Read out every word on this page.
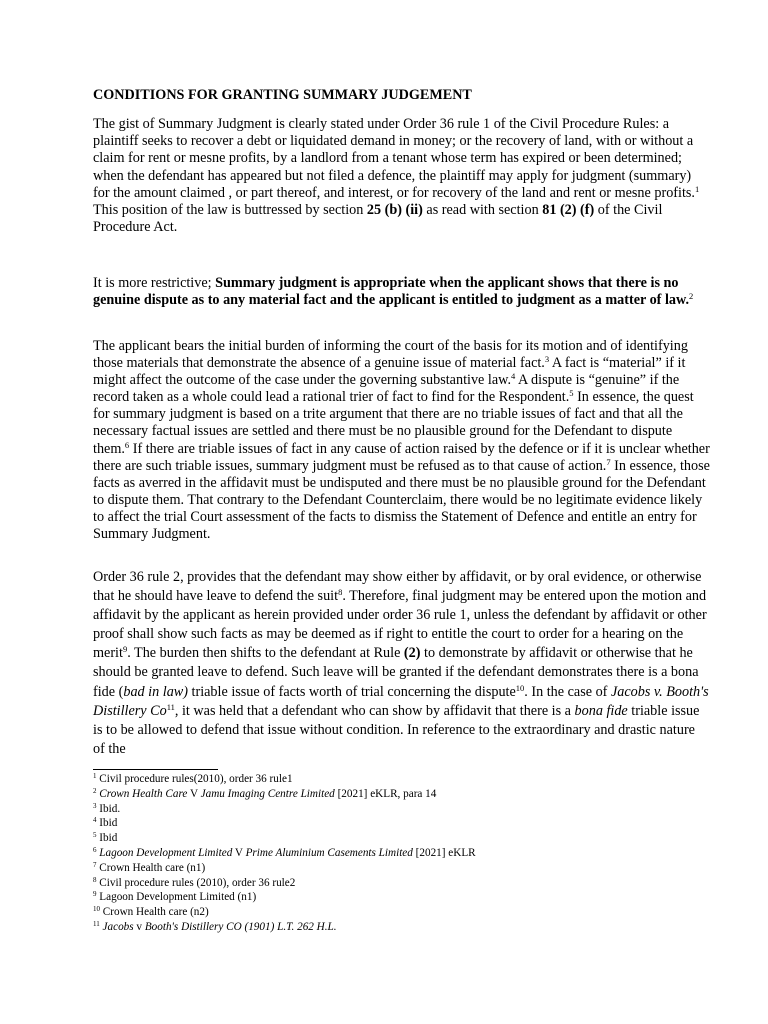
CONDITIONS FOR GRANTING SUMMARY JUDGEMENT

The gist of Summary Judgment is clearly stated under Order 36 rule 1 of the Civil Procedure Rules: a plaintiff seeks to recover a debt or liquidated demand in money; or the recovery of land, with or without a claim for rent or mesne profits, by a landlord from a tenant whose term has expired or been determined; when the defendant has appeared but not filed a defence, the plaintiff may apply for judgment (summary) for the amount claimed , or part thereof, and interest, or for recovery of the land and rent or mesne profits.$^1$ This position of the law is buttressed by section 25 (b) (ii) as read with section 81 (2) (f) of the Civil Procedure Act.

It is more restrictive; Summary judgment is appropriate when the applicant shows that there is no genuine dispute as to any material fact and the applicant is entitled to judgment as a matter of law.$^2$

The applicant bears the initial burden of informing the court of the basis for its motion and of identifying those materials that demonstrate the absence of a genuine issue of material fact.$^3$ A fact is “material” if it might affect the outcome of the case under the governing substantive law.$^4$ A dispute is “genuine” if the record taken as a whole could lead a rational trier of fact to find for the Respondent.$^5$ In essence, the quest for summary judgment is based on a trite argument that there are no triable issues of fact and that all the necessary factual issues are settled and there must be no plausible ground for the Defendant to dispute them.$^6$ If there are triable issues of fact in any cause of action raised by the defence or if it is unclear whether there are such triable issues, summary judgment must be refused as to that cause of action.$^7$ In essence, those facts as averred in the affidavit must be undisputed and there must be no plausible ground for the Defendant to dispute them. That contrary to the Defendant Counterclaim, there would be no legitimate evidence likely to affect the trial Court assessment of the facts to dismiss the Statement of Defence and entitle an entry for Summary Judgment.

Order 36 rule 2, provides that the defendant may show either by affidavit, or by oral evidence, or otherwise that he should have leave to defend the suit$^8$. Therefore, final judgment may be entered upon the motion and affidavit by the applicant as herein provided under order 36 rule 1, unless the defendant by affidavit or other proof shall show such facts as may be deemed as if right to entitle the court to order for a hearing on the merit$^9$. The burden then shifts to the defendant at Rule (2) to demonstrate by affidavit or otherwise that he should be granted leave to defend. Such leave will be granted if the defendant demonstrates there is a bona fide (bad in law) triable issue of facts worth of trial concerning the dispute$^{10}$. In the case of Jacobs v. Booth's Distillery Co$^{11}$, it was held that a defendant who can show by affidavit that there is a bona fide triable issue is to be allowed to defend that issue without condition. In reference to the extraordinary and drastic nature of the

$^1$ Civil procedure rules(2010), order 36 rule1
$^2$ Crown Health Care V Jamu Imaging Centre Limited [2021] eKLR, para 14
$^3$ Ibid.
$^4$ Ibid
$^5$ Ibid
$^6$ Lagoon Development Limited V Prime Aluminium Casements Limited [2021] eKLR
$^7$ Crown Health care (n1)
$^8$ Civil procedure rules (2010), order 36 rule2
$^9$ Lagoon Development Limited (n1)
$^{10}$ Crown Health care (n2)
$^{11}$ Jacobs v Booth's Distillery CO (1901) L.T. 262 H.L.
